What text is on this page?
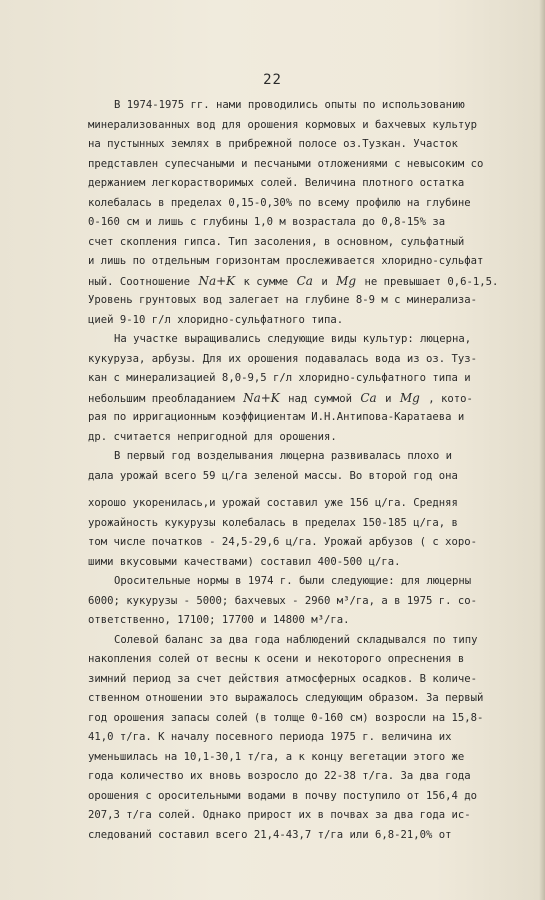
22
В 1974-1975 гг. нами проводились опыты по использованию
минерализованных вод для орошения кормовых и бахчевых культур
на пустынных землях в прибрежной полосе оз.Тузкан. Участок
представлен супесчаными и песчаными отложениями с невысоким со
держанием легкорастворимых солей. Величина плотного остатка
колебалась в пределах 0,15-0,30% по всему профилю на глубине
0-160 см и лишь с глубины 1,0 м возрастала до 0,8-15% за
счет скопления гипса. Тип засоления, в основном, сульфатный
и лишь по отдельным горизонтам прослеживается хлоридно-сульфат
ный. Соотношение Na+K к сумме Ca и Mg не превышает 0,6-1,5.
Уровень грунтовых вод залегает на глубине 8-9 м с минерализа-
цией 9-10 г/л хлоридно-сульфатного типа.
На участке выращивались следующие виды культур: люцерна,
кукуруза, арбузы. Для их орошения подавалась вода из оз. Туз-
кан с минерализацией 8,0-9,5 г/л хлоридно-сульфатного типа и
небольшим преобладанием Na+K над суммой Ca и Mg , кото-
рая по ирригационным коэффициентам И.Н.Антипова-Каратаева и
др. считается непригодной для орошения.
В первый год возделывания люцерна развивалась плохо и
дала урожай всего 59 ц/га зеленой массы. Во второй год она
хорошо укоренилась,и урожай составил уже 156 ц/га. Средняя
урожайность кукурузы колебалась в пределах 150-185 ц/га, в
том числе початков - 24,5-29,6 ц/га. Урожай арбузов ( с хоро-
шими вкусовыми качествами) составил 400-500 ц/га.
Оросительные нормы в 1974 г. были следующие: для люцерны
6000; кукурузы - 5000; бахчевых - 2960 м³/га, а в 1975 г. со-
ответственно, 17100; 17700 и 14800 м³/га.
Солевой баланс за два года наблюдений складывался по типу
накопления солей от весны к осени и некоторого опреснения в
зимний период за счет действия атмосферных осадков. В количе-
ственном отношении это выражалось следующим образом. За первый
год орошения запасы солей (в толще 0-160 см) возросли на 15,8-
41,0 т/га. К началу посевного периода 1975 г. величина их
уменьшилась на 10,1-30,1 т/га, а к концу вегетации этого же
года количество их вновь возросло до 22-38 т/га. За два года
орошения с оросительными водами в почву поступило от 156,4 до
207,3 т/га солей. Однако прирост их в почвах за два года ис-
следований составил всего 21,4-43,7 т/га или 6,8-21,0% от
